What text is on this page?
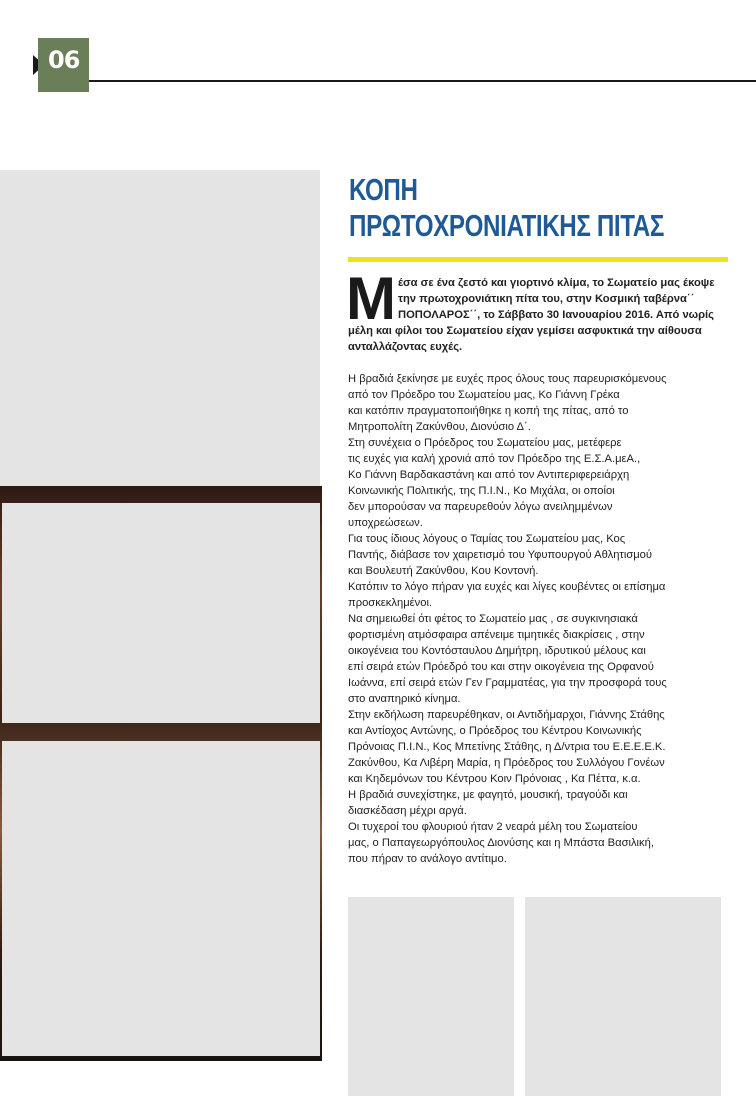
06
ΚΟΠΗ
ΠΡΩΤΟΧΡΟΝΙΑΤΙΚΗΣ ΠΙΤΑΣ
Μέσα σε ένα ζεστό και γιορτινό κλίμα, το Σωματείο μας έκοψε την πρωτοχρονιάτικη πίτα του, στην Κοσμική ταβέρνα΄΄ ΠΟΠΟΛΑΡΟΣ΄΄, το Σάββατο 30 Ιανουαρίου 2016. Από νωρίς μέλη και φίλοι του Σωματείου είχαν γεμίσει ασφυκτικά την αίθουσα ανταλλάζοντας ευχές.

Η βραδιά ξεκίνησε με ευχές προς όλους τους παρευρισκόμενους

από τον Πρόεδρο του Σωματείου μας, Κο Γιάννη Γρέκα

και κατόπιν πραγματοποιήθηκε η κοπή της πίτας, από το

Μητροπολίτη Ζακύνθου, Διονύσιο Δ΄.

Στη συνέχεια ο Πρόεδρος του Σωματείου μας, μετέφερε

τις ευχές για καλή χρονιά από τον Πρόεδρο της Ε.Σ.Α.μεΑ.,

Κο Γιάννη Βαρδακαστάνη και από τον Αντιπεριφερειάρχη

Κοινωνικής Πολιτικής, της Π.Ι.Ν., Κο Μιχάλα, οι οποίοι

δεν μπορούσαν να παρευρεθούν λόγω ανειλημμένων

υποχρεώσεων.

Για τους ίδιους λόγους ο Ταμίας του Σωματείου μας, Κος

Παντής, διάβασε τον χαιρετισμό του Υφυπουργού Αθλητισμού

και Βουλευτή Ζακύνθου, Κου Κοντονή.

Κατόπιν το λόγο πήραν για ευχές και λίγες κουβέντες οι επίσημα

προσκεκλημένοι.

Να σημειωθεί ότι φέτος το Σωματείο μας , σε συγκινησιακά

φορτισμένη ατμόσφαιρα απένειμε τιμητικές διακρίσεις , στην

οικογένεια του Κοντόσταυλου Δημήτρη, ιδρυτικού μέλους και

επί σειρά ετών Πρόεδρό του και στην οικογένεια της Ορφανού

Ιωάννα, επί σειρά ετών Γεν Γραμματέας, για την προσφορά τους

στο αναπηρικό κίνημα.

Στην εκδήλωση παρευρέθηκαν, οι Αντιδήμαρχοι, Γιάννης Στάθης

και Αντίοχος Αντώνης, ο Πρόεδρος του Κέντρου Κοινωνικής

Πρόνοιας Π.Ι.Ν., Κος Μπετίνης Στάθης, η Δ/ντρια του Ε.Ε.Ε.Ε.Κ.

Ζακύνθου, Κα Λιβέρη Μαρία, η Πρόεδρος του Συλλόγου Γονέων

και Κηδεμόνων του Κέντρου Κοιν Πρόνοιας , Κα Πέττα, κ.α.

Η βραδιά συνεχίστηκε, με φαγητό, μουσική, τραγούδι και

διασκέδαση μέχρι αργά.

Οι τυχεροί του φλουριού ήταν 2 νεαρά μέλη του Σωματείου

μας, ο Παπαγεωργόπουλος Διονύσης και η Μπάστα Βασιλική,

που πήραν το ανάλογο αντίτιμο.
